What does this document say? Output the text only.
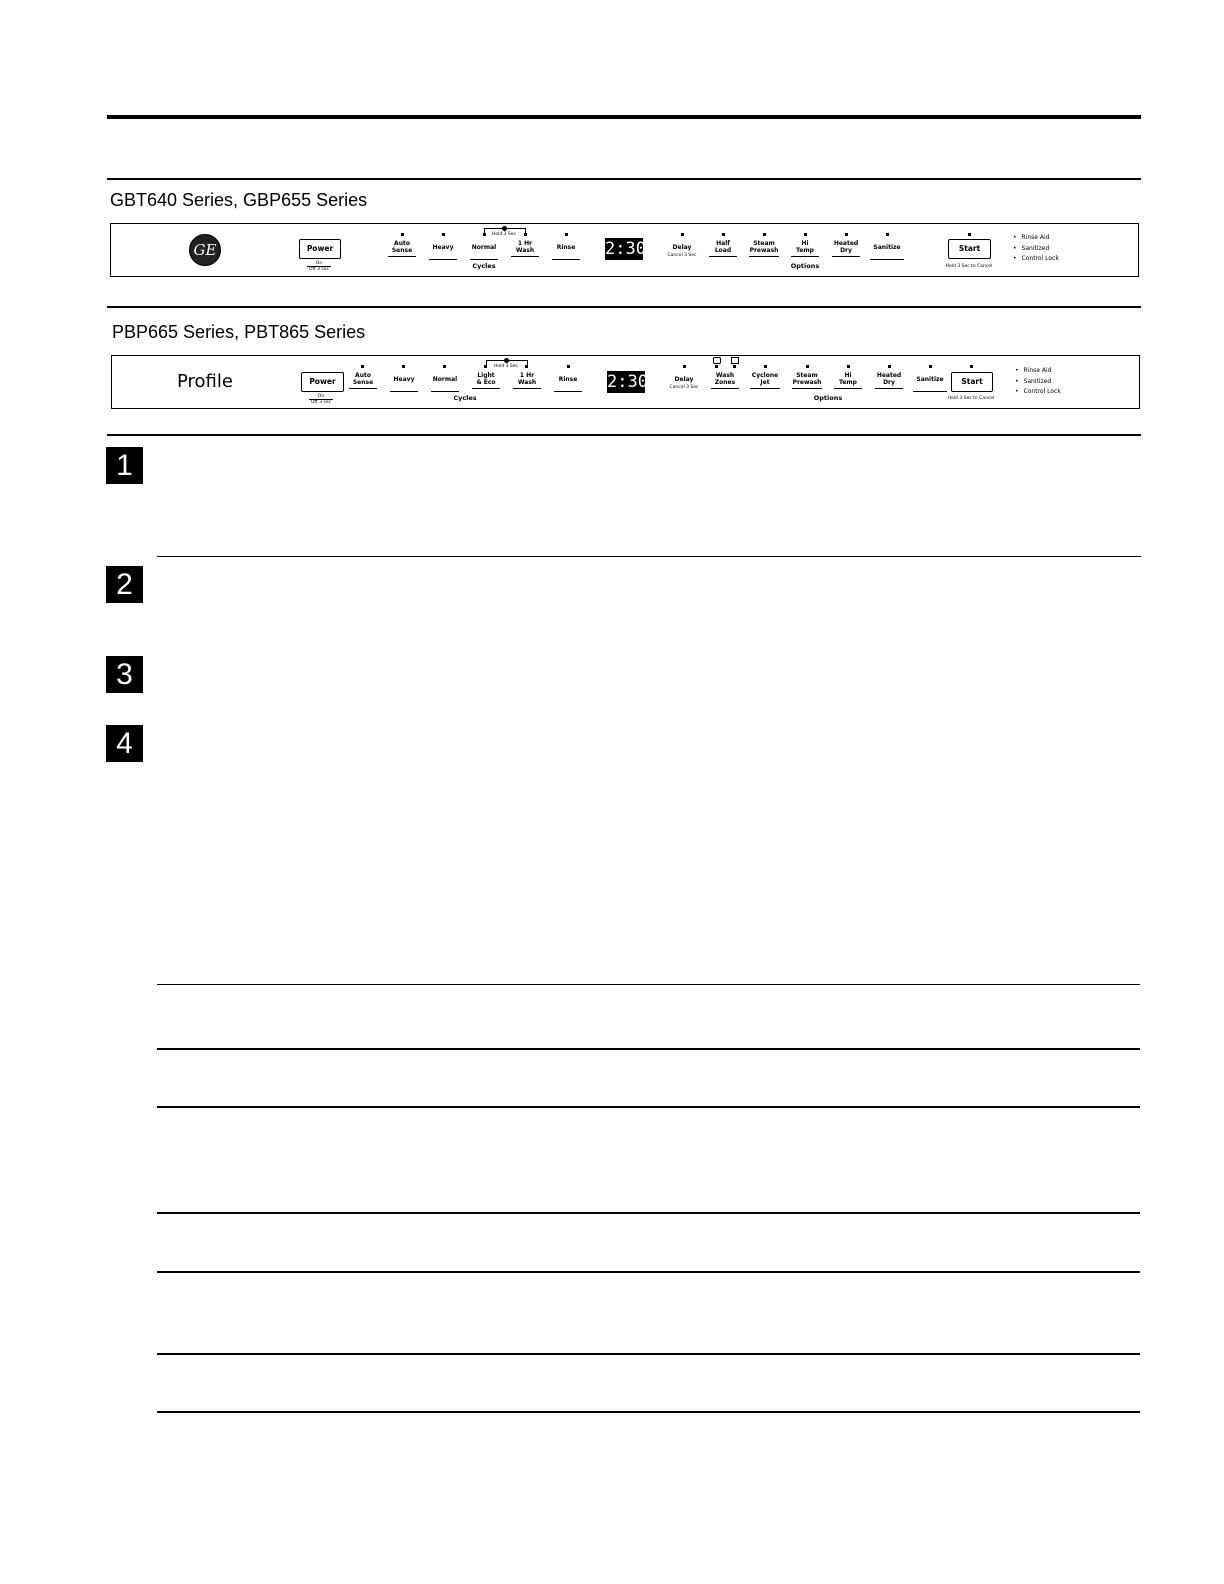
GBT640 Series, GBP655 Series
GE	Power
On
Off 3 sec
Auto
Sense	Heavy
Hold 3 Sec
Normal
1 Hr
Wash	Rinse
Cycles
2:30	Delay
Cancel 3 Sec
Half
Load
Steam
Prewash
Hi
Temp
Heated
Dry	Sanitize
Options
Start
Hold 3 Sec to Cancel
• Rinse Aid
• Sanitized
• Control Lock
PBP665 Series, PBT865 Series
Profile	Power
On
Off 3 sec
Auto
Sense	Heavy	Normal
Hold 3 Sec
Light
& Eco
1 Hr
Wash	Rinse
Cycles
2:30	Delay
Cancel 3 Sec
Wash
Zones
Cyclone
Jet
Steam
Prewash
Hi
Temp
Heated
Dry	Sanitize
Options
Start
Hold 3 Sec to Cancel
• Rinse Aid
• Sanitized
• Control Lock
1
2
3
4
